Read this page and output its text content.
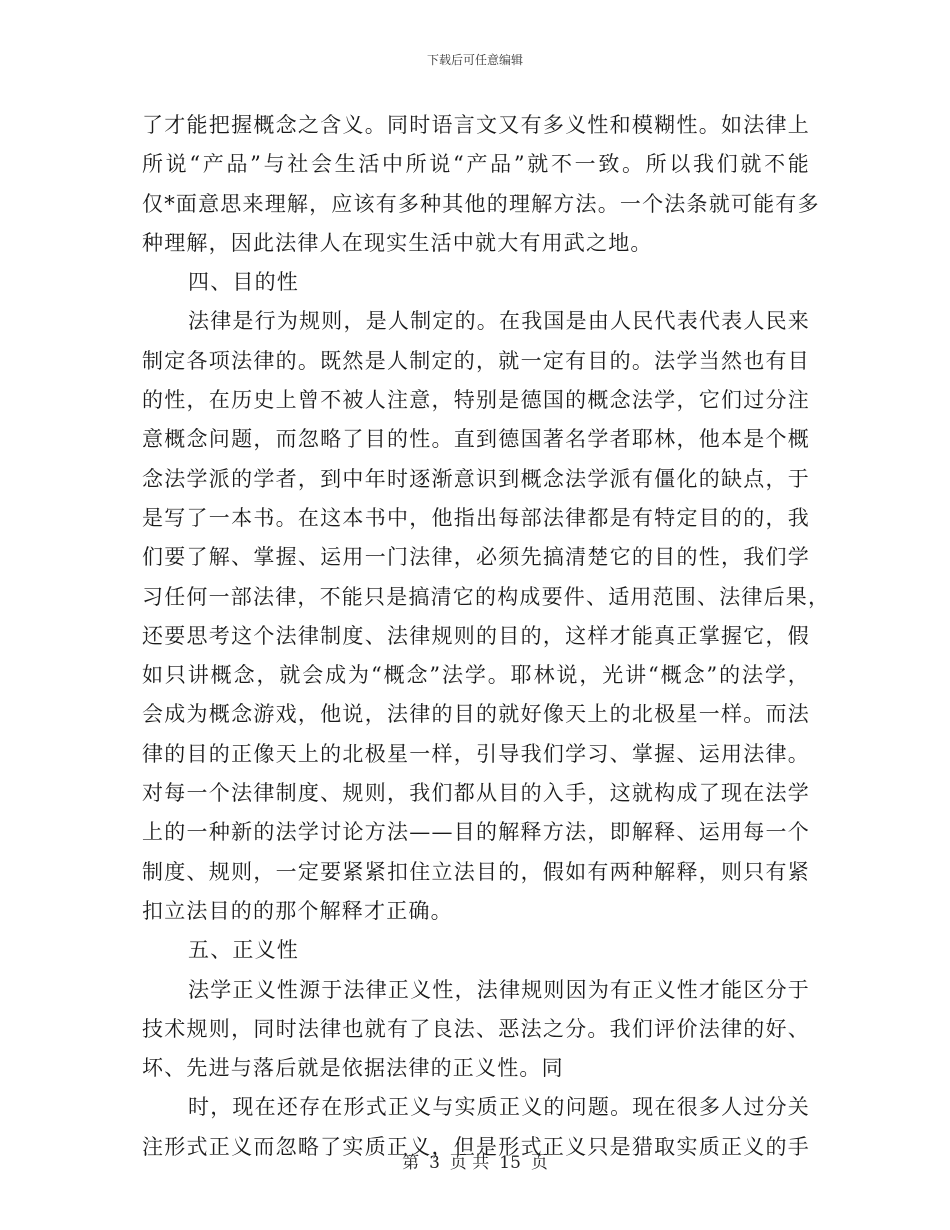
下载后可任意编辑
了才能把握概念之含义。同时语言文又有多义性和模糊性。如法律上
所说“产品”与社会生活中所说“产品”就不一致。所以我们就不能
仅*面意思来理解，应该有多种其他的理解方法。一个法条就可能有多
种理解，因此法律人在现实生活中就大有用武之地。
四、目的性
法律是行为规则，是人制定的。在我国是由人民代表代表人民来
制定各项法律的。既然是人制定的，就一定有目的。法学当然也有目
的性，在历史上曾不被人注意，特别是德国的概念法学，它们过分注
意概念问题，而忽略了目的性。直到德国著名学者耶林，他本是个概
念法学派的学者，到中年时逐渐意识到概念法学派有僵化的缺点，于
是写了一本书。在这本书中，他指出每部法律都是有特定目的的，我
们要了解、掌握、运用一门法律，必须先搞清楚它的目的性，我们学
习任何一部法律，不能只是搞清它的构成要件、适用范围、法律后果，
还要思考这个法律制度、法律规则的目的，这样才能真正掌握它，假
如只讲概念，就会成为“概念”法学。耶林说，光讲“概念”的法学，
会成为概念游戏，他说，法律的目的就好像天上的北极星一样。而法
律的目的正像天上的北极星一样，引导我们学习、掌握、运用法律。
对每一个法律制度、规则，我们都从目的入手，这就构成了现在法学
上的一种新的法学讨论方法——目的解释方法，即解释、运用每一个
制度、规则，一定要紧紧扣住立法目的，假如有两种解释，则只有紧
扣立法目的的那个解释才正确。
五、正义性
法学正义性源于法律正义性，法律规则因为有正义性才能区分于
技术规则，同时法律也就有了良法、恶法之分。我们评价法律的好、
坏、先进与落后就是依据法律的正义性。同
时，现在还存在形式正义与实质正义的问题。现在很多人过分关
注形式正义而忽略了实质正义，但是形式正义只是猎取实质正义的手
第 3 页 共 15 页
